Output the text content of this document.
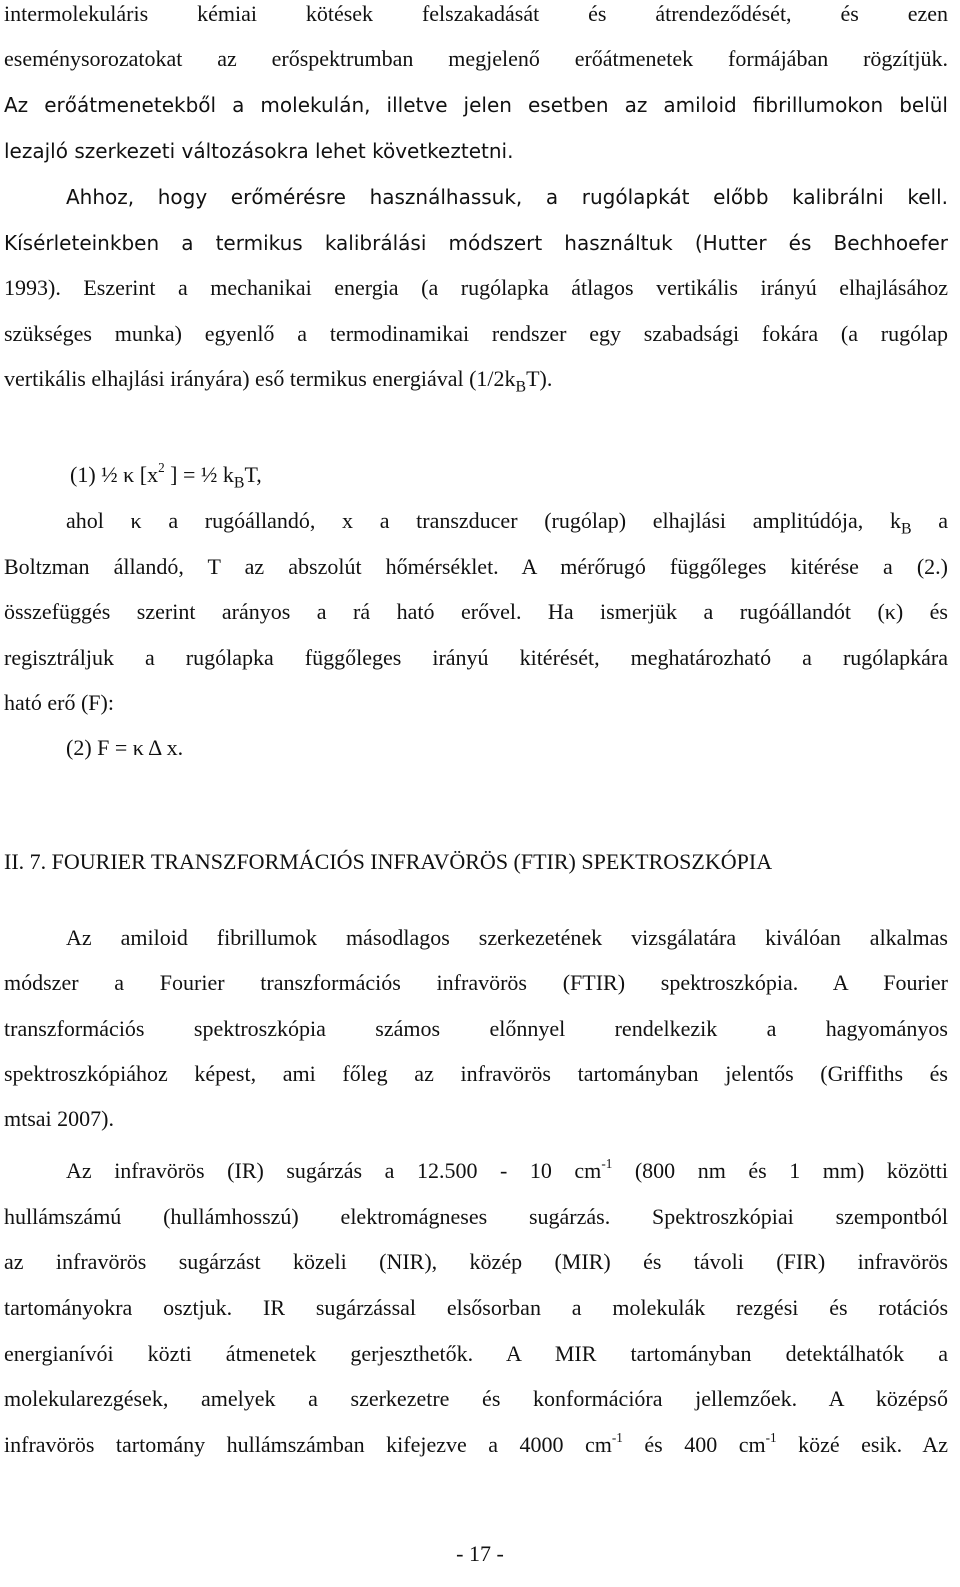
intermolekuláris kémiai kötések felszakadását és átrendeződését, és ezen
eseménysorozatokat az erőspektrumban megjelenő erőátmenetek formájában rögzítjük.
Az erőátmenetekből a molekulán, illetve jelen esetben az amiloid fibrillumokon belül
lezajló szerkezeti változásokra lehet következtetni.
Ahhoz, hogy erőmérésre használhassuk, a rugólapkát előbb kalibrálni kell.
Kísérleteinkben a termikus kalibrálási módszert használtuk (Hutter és Bechhoefer
1993). Eszerint a mechanikai energia (a rugólapka átlagos vertikális irányú elhajlásához
szükséges munka) egyenlő a termodinamikai rendszer egy szabadsági fokára (a rugólap
vertikális elhajlási irányára) eső termikus energiával $(1/2k_BT)$.
(1) ½ κ [$x^2$ ] = ½ $k_BT$,
ahol κ a rugóállandó, x a transzducer (rugólap) elhajlási amplitúdója, $k_B$ a
Boltzman állandó, T az abszolút hőmérséklet. A mérőrugó függőleges kitérése a (2.)
összefüggés szerint arányos a rá ható erővel. Ha ismerjük a rugóállandót (κ) és
regisztráljuk a rugólapka függőleges irányú kitérését, meghatározható a rugólapkára
ható erő (F):
(2) F = κ Δ x.
II. 7. FOURIER TRANSZFORMÁCIÓS INFRAVÖRÖS (FTIR) SPEKTROSZKÓPIA
Az amiloid fibrillumok másodlagos szerkezetének vizsgálatára kiválóan alkalmas
módszer a Fourier transzformációs infravörös (FTIR) spektroszkópia. A Fourier
transzformációs spektroszkópia számos előnnyel rendelkezik a hagyományos
spektroszkópiához képest, ami főleg az infravörös tartományban jelentős (Griffiths és
mtsai 2007).
Az infravörös (IR) sugárzás a 12.500 - 10 $cm^{-1}$ (800 nm és 1 mm) közötti
hullámszámú (hullámhosszú) elektromágneses sugárzás. Spektroszkópiai szempontból
az infravörös sugárzást közeli (NIR), közép (MIR) és távoli (FIR) infravörös
tartományokra osztjuk. IR sugárzással elsősorban a molekulák rezgési és rotációs
energianívói közti átmenetek gerjeszthetők. A MIR tartományban detektálhatók a
molekularezgések, amelyek a szerkezetre és konformációra jellemzőek. A középső
infravörös tartomány hullámszámban kifejezve a 4000 $cm^{-1}$ és 400 $cm^{-1}$ közé esik. Az
- 17 -
